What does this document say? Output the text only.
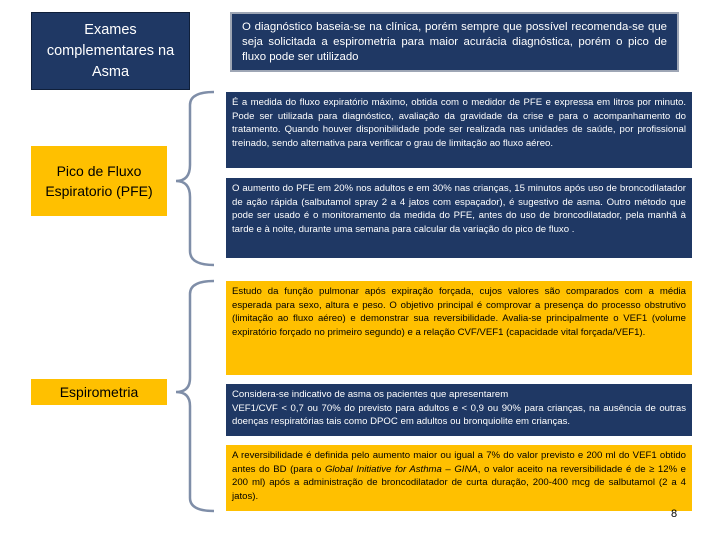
Exames complementares na Asma
O diagnóstico baseia-se na clínica, porém sempre que possível recomenda-se que seja solicitada a espirometria para maior acurácia diagnóstica, porém o pico de fluxo pode ser utilizado
Pico de Fluxo Espiratorio (PFE)
Espirometria
É a medida do fluxo expiratório máximo, obtida com o medidor de PFE e expressa em litros por minuto. Pode ser utilizada para diagnóstico, avaliação da gravidade da crise e para o acompanhamento do tratamento. Quando houver disponibilidade pode ser realizada nas unidades de saúde, por profissional treinado, sendo alternativa para verificar o grau de limitação ao fluxo aéreo.
O aumento do PFE em 20% nos adultos e em 30% nas crianças, 15 minutos após uso de broncodilatador de ação rápida (salbutamol spray 2 a 4 jatos com espaçador), é sugestivo de asma. Outro método que pode ser usado é o monitoramento da medida do PFE, antes do uso de broncodilatador, pela manhã à tarde e à noite, durante uma semana para calcular da variação do pico de fluxo .
Estudo da função pulmonar após expiração forçada, cujos valores são comparados com a média esperada para sexo, altura e peso. O objetivo principal é comprovar a presença do processo obstrutivo (limitação ao fluxo aéreo) e demonstrar sua reversibilidade. Avalia-se principalmente o VEF1 (volume expiratório forçado no primeiro segundo) e a relação CVF/VEF1 (capacidade vital forçada/VEF1).
Considera-se indicativo de asma os pacientes que apresentarem
VEF1/CVF < 0,7 ou 70% do previsto para adultos e < 0,9 ou 90% para crianças, na ausência de outras doenças respiratórias tais como DPOC em adultos ou bronquiolite em crianças.
A reversibilidade é definida pelo aumento maior ou igual a 7% do valor previsto e 200 ml do VEF1 obtido antes do BD (para o Global Initiative for Asthma – GINA, o valor aceito na reversibilidade é de ≥ 12% e 200 ml) após a administração de broncodilatador de curta duração, 200-400 mcg de salbutamol (2 a 4 jatos).
8
